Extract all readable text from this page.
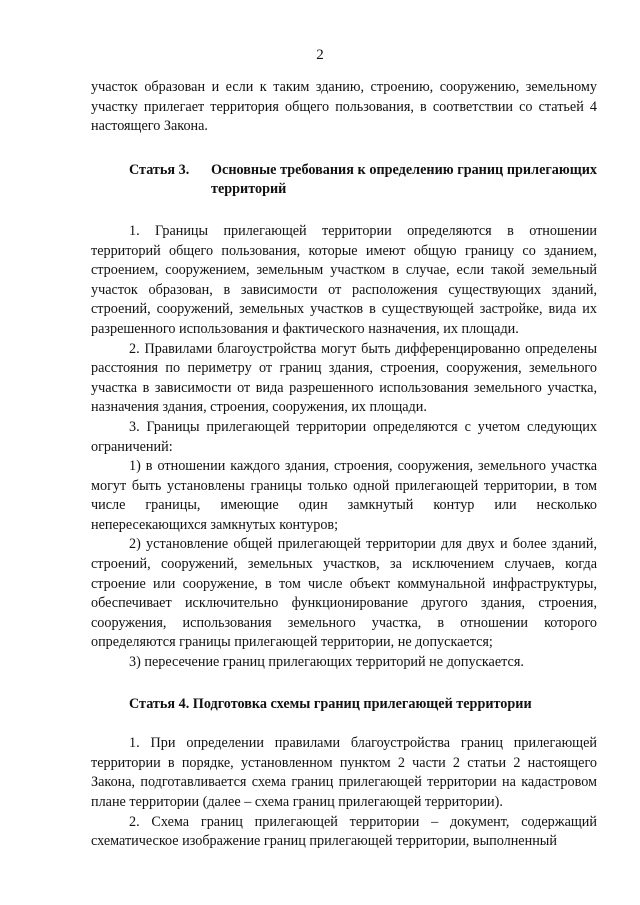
2

участок образован и если к таким зданию, строению, сооружению, земельному участку прилегает территория общего пользования, в соответствии со статьей 4 настоящего Закона.

Статья 3.	Основные требования к определению границ прилегающих территорий

1. Границы прилегающей территории определяются в отношении территорий общего пользования, которые имеют общую границу со зданием, строением, сооружением, земельным участком в случае, если такой земельный участок образован, в зависимости от расположения существующих зданий, строений, сооружений, земельных участков в существующей застройке, вида их разрешенного использования и фактического назначения, их площади.

2. Правилами благоустройства могут быть дифференцированно определены расстояния по периметру от границ здания, строения, сооружения, земельного участка в зависимости от вида разрешенного использования земельного участка, назначения здания, строения, сооружения, их площади.

3. Границы прилегающей территории определяются с учетом следующих ограничений:

1) в отношении каждого здания, строения, сооружения, земельного участка могут быть установлены границы только одной прилегающей территории, в том числе границы, имеющие один замкнутый контур или несколько непересекающихся замкнутых контуров;

2) установление общей прилегающей территории для двух и более зданий, строений, сооружений, земельных участков, за исключением случаев, когда строение или сооружение, в том числе объект коммунальной инфраструктуры, обеспечивает исключительно функционирование другого здания, строения, сооружения, использования земельного участка, в отношении которого определяются границы прилегающей территории, не допускается;

3) пересечение границ прилегающих территорий не допускается.

Статья 4. Подготовка схемы границ прилегающей территории

1. При определении правилами благоустройства границ прилегающей территории в порядке, установленном пунктом 2 части 2 статьи 2 настоящего Закона, подготавливается схема границ прилегающей территории на кадастровом плане территории (далее – схема границ прилегающей территории).

2. Схема границ прилегающей территории – документ, содержащий схематическое изображение границ прилегающей территории, выполненный
